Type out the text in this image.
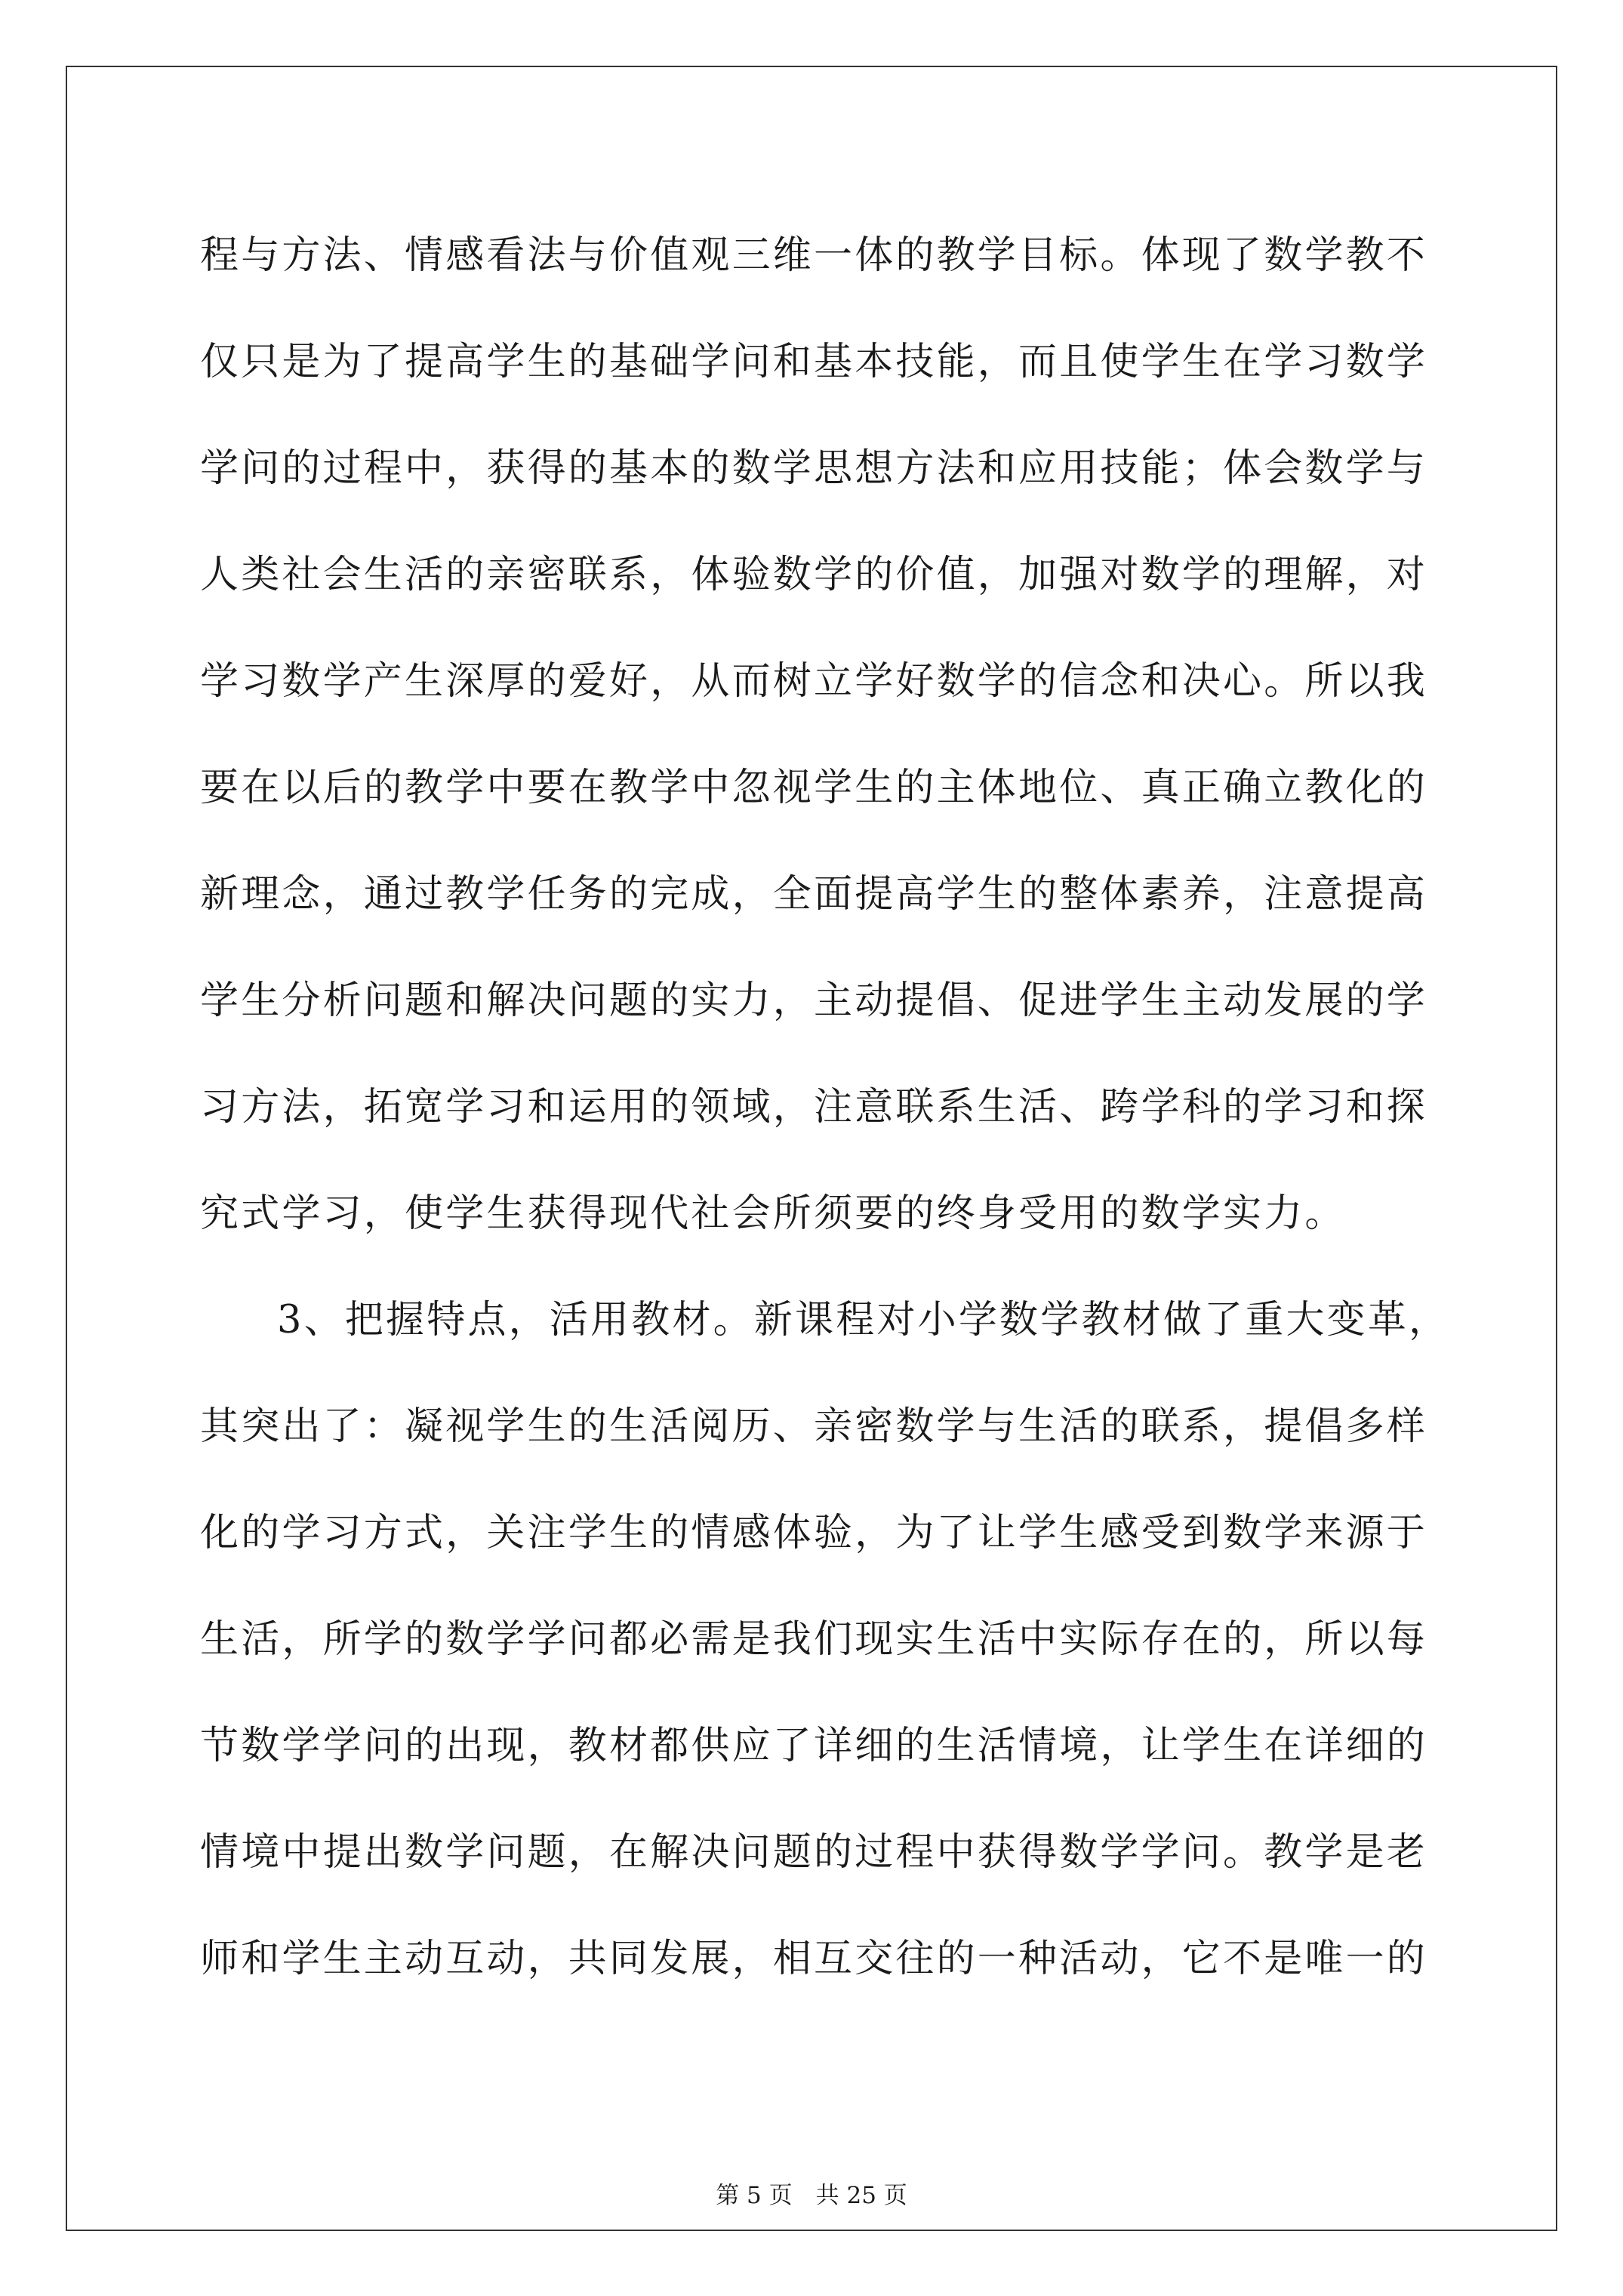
程与方法、情感看法与价值观三维一体的教学目标。体现了数学教不
仅只是为了提高学生的基础学问和基本技能，而且使学生在学习数学
学问的过程中，获得的基本的数学思想方法和应用技能；体会数学与
人类社会生活的亲密联系，体验数学的价值，加强对数学的理解，对
学习数学产生深厚的爱好，从而树立学好数学的信念和决心。所以我
要在以后的教学中要在教学中忽视学生的主体地位、真正确立教化的
新理念，通过教学任务的完成，全面提高学生的整体素养，注意提高
学生分析问题和解决问题的实力，主动提倡、促进学生主动发展的学
习方法，拓宽学习和运用的领域，注意联系生活、跨学科的学习和探
究式学习，使学生获得现代社会所须要的终身受用的数学实力。
3、把握特点，活用教材。新课程对小学数学教材做了重大变革，
其突出了：凝视学生的生活阅历、亲密数学与生活的联系，提倡多样
化的学习方式，关注学生的情感体验，为了让学生感受到数学来源于
生活，所学的数学学问都必需是我们现实生活中实际存在的，所以每
节数学学问的出现，教材都供应了详细的生活情境，让学生在详细的
情境中提出数学问题，在解决问题的过程中获得数学学问。教学是老
师和学生主动互动，共同发展，相互交往的一种活动，它不是唯一的
第 5 页　共 25 页
